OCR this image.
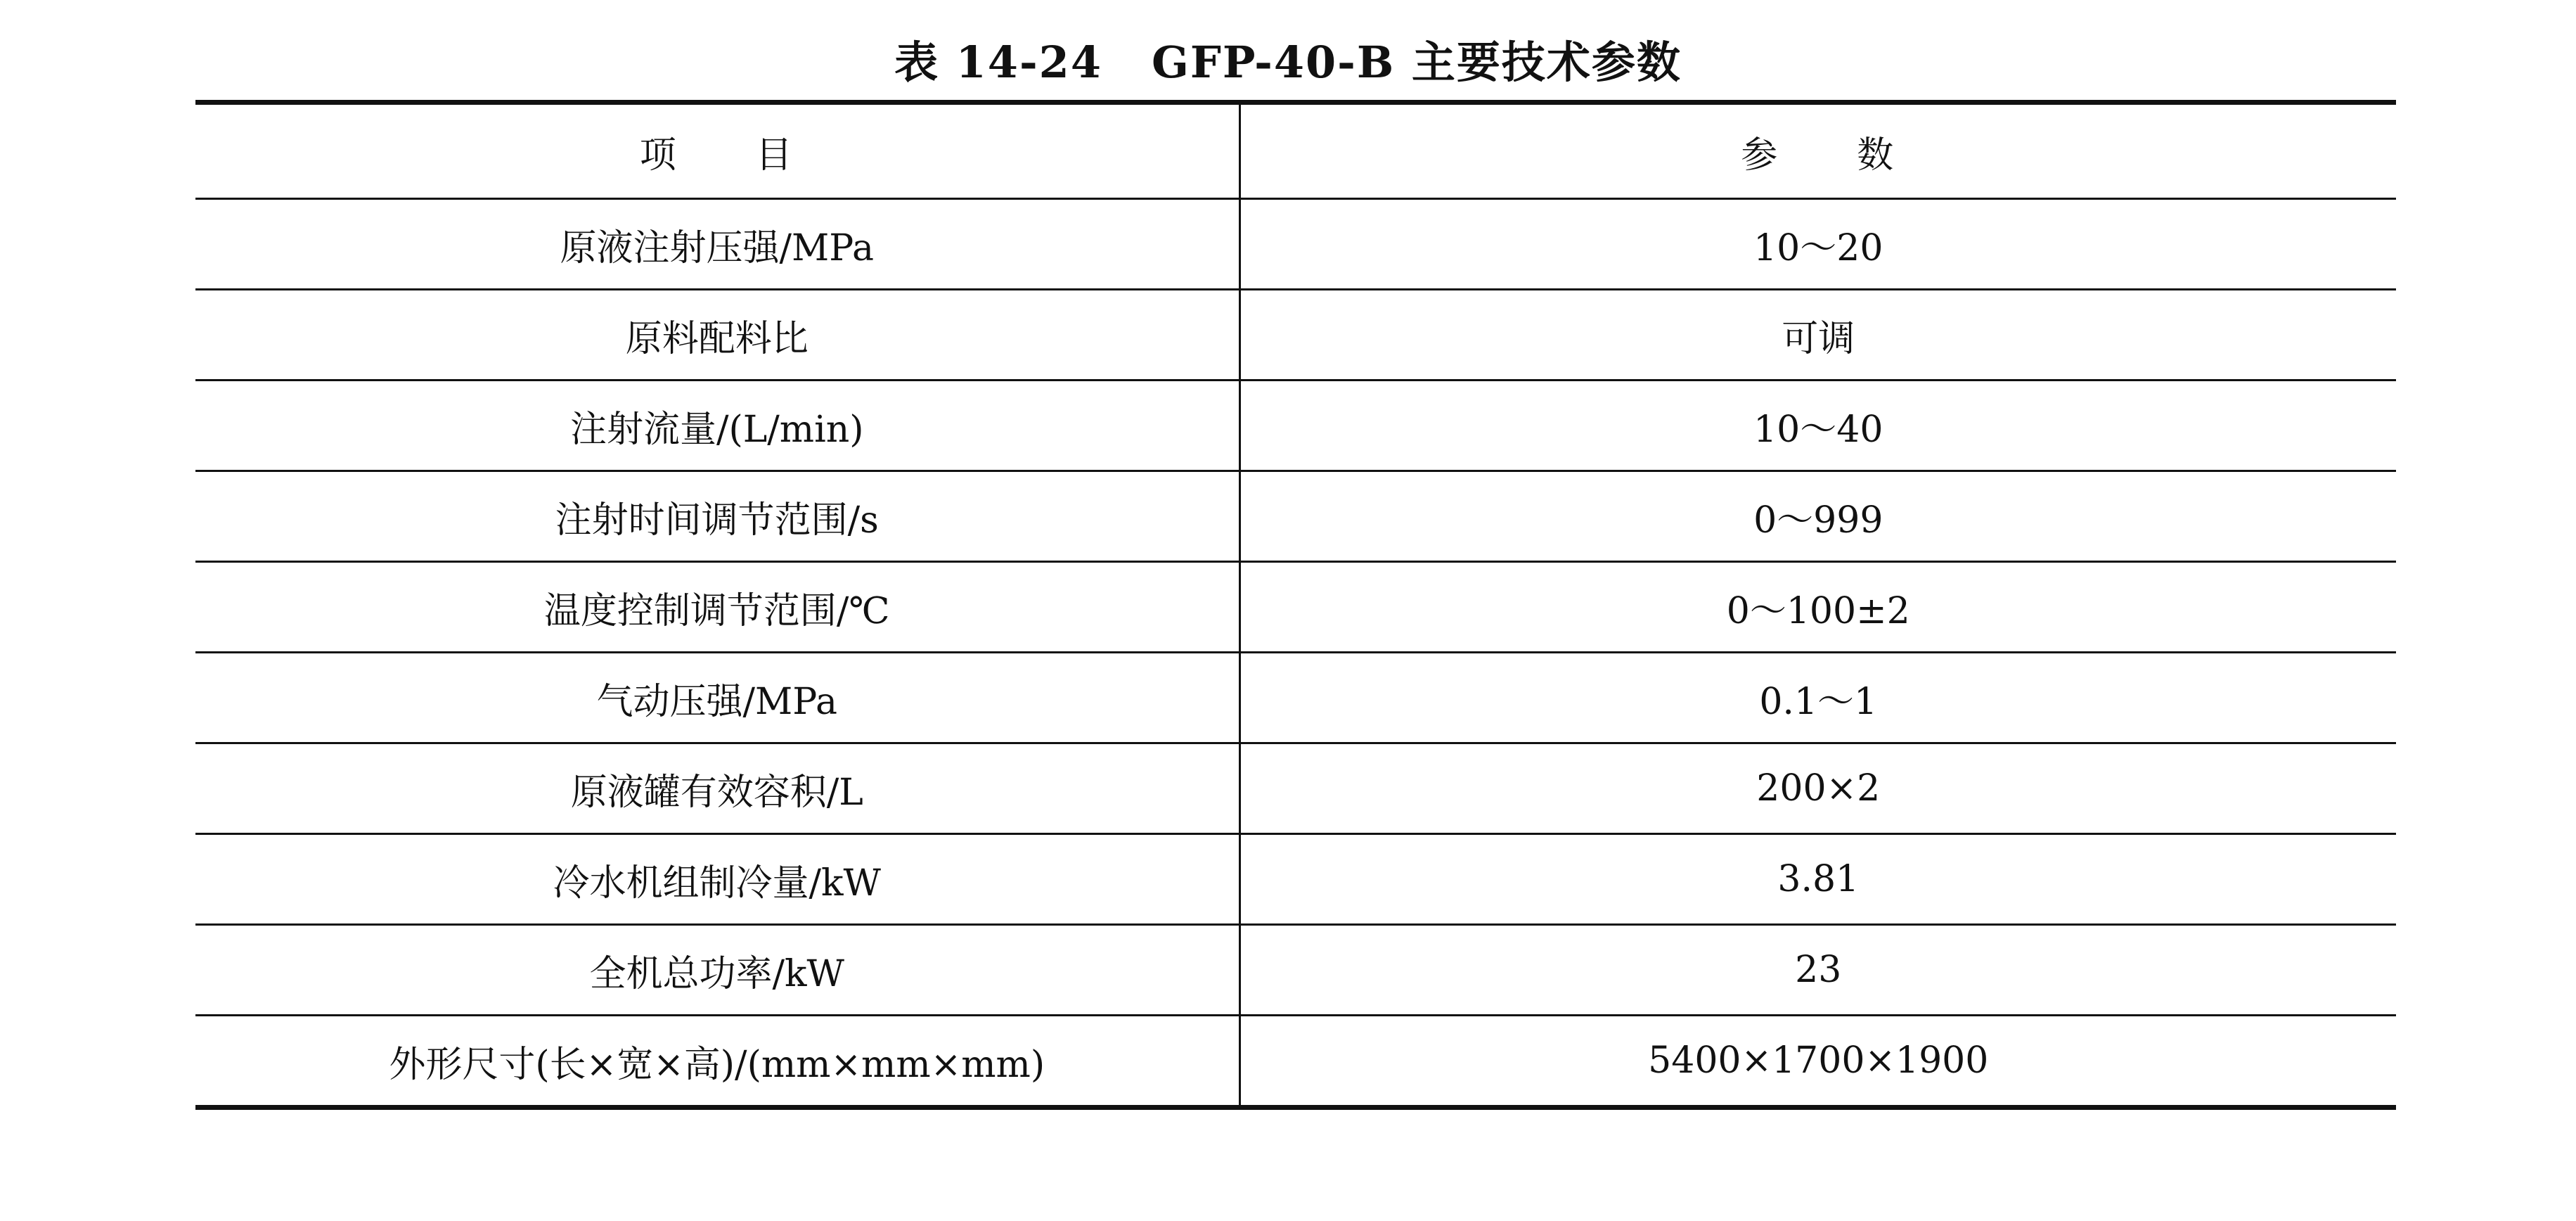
表 14-24 GFP-40-B 主要技术参数
项　　目	参　　数
原液注射压强/MPa	10～20
原料配料比	可调
注射流量/(L/min)	10～40
注射时间调节范围/s	0～999
温度控制调节范围/℃	0～100±2
气动压强/MPa	0.1～1
原液罐有效容积/L	200×2
冷水机组制冷量/kW	3.81
全机总功率/kW	23
外形尺寸(长×宽×高)/(mm×mm×mm)	5400×1700×1900
